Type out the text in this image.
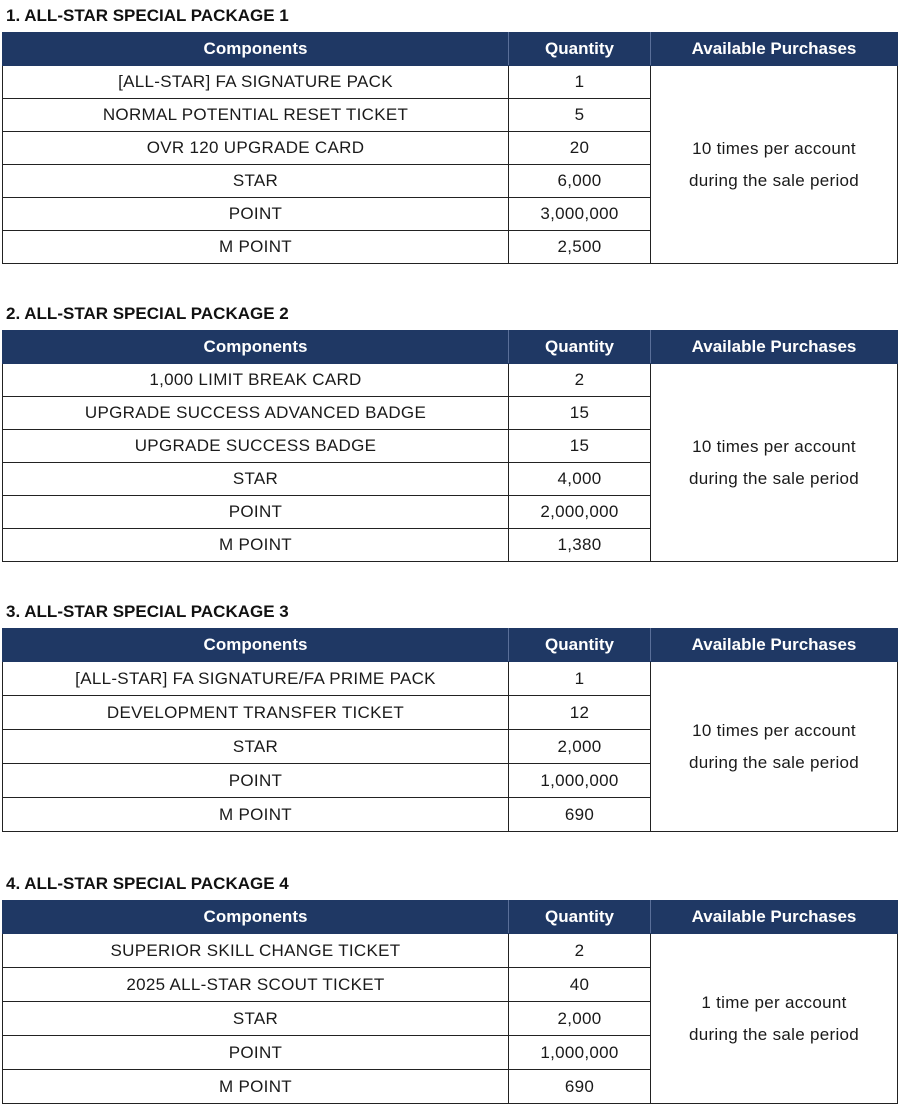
1. ALL-STAR SPECIAL PACKAGE 1
Components	Quantity	Available Purchases
[ALL-STAR] FA SIGNATURE PACK	1	10 times per account
during the sale period

NORMAL POTENTIAL RESET TICKET	5	
OVR 120 UPGRADE CARD	20	
STAR	6,000	
POINT	3,000,000	
M POINT	2,500	
2. ALL-STAR SPECIAL PACKAGE 2
Components	Quantity	Available Purchases
1,000 LIMIT BREAK CARD	2	10 times per account
during the sale period

UPGRADE SUCCESS ADVANCED BADGE	15	
UPGRADE SUCCESS BADGE	15	
STAR	4,000	
POINT	2,000,000	
M POINT	1,380	
3. ALL-STAR SPECIAL PACKAGE 3
Components	Quantity	Available Purchases
[ALL-STAR] FA SIGNATURE/FA PRIME PACK	1	10 times per account
during the sale period

DEVELOPMENT TRANSFER TICKET	12	
STAR	2,000	
POINT	1,000,000	
M POINT	690	
4. ALL-STAR SPECIAL PACKAGE 4
Components	Quantity	Available Purchases
SUPERIOR SKILL CHANGE TICKET	2	1 time per account
during the sale period

2025 ALL-STAR SCOUT TICKET	40	
STAR	2,000	
POINT	1,000,000	
M POINT	690	
